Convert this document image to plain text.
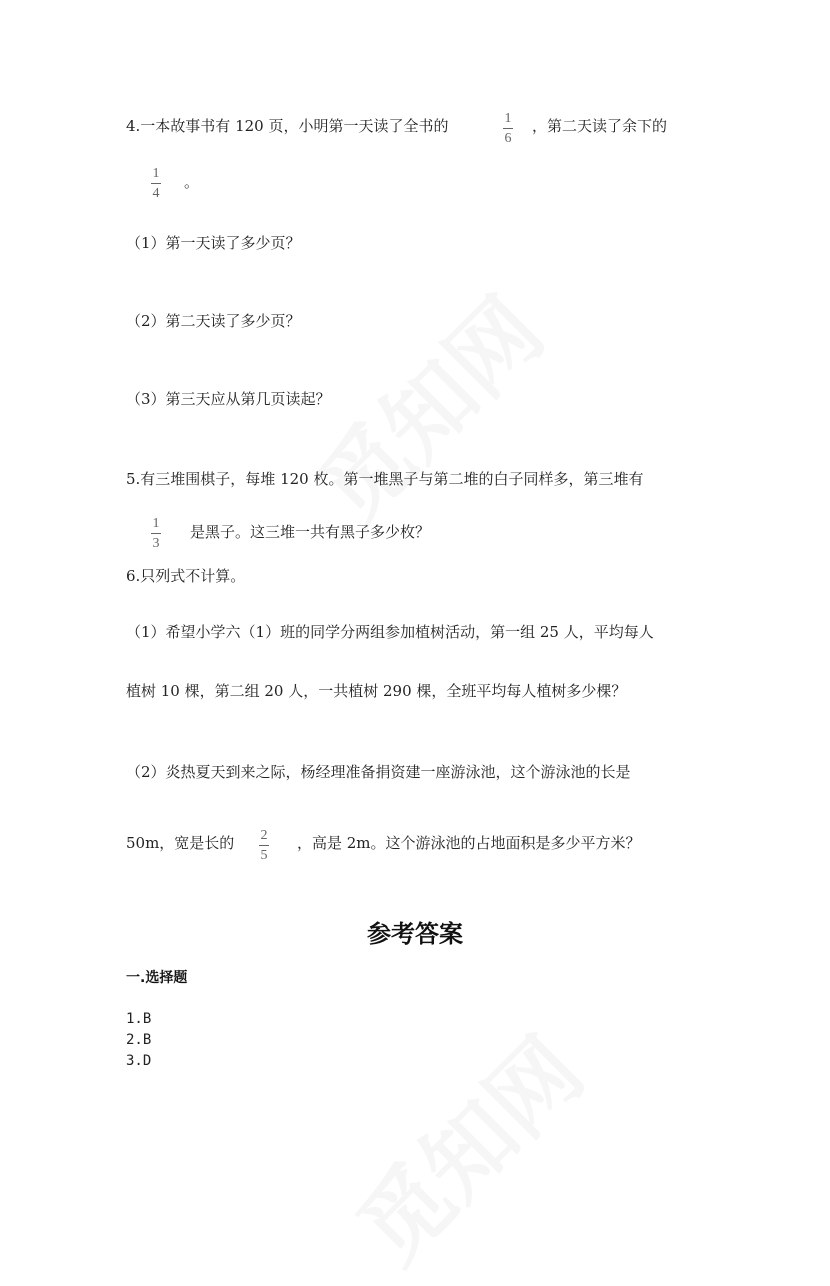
4.一本故事书有 120 页，小明第一天读了全书的	1
6
，第二天读了余下的
1
4
。
（1）第一天读了多少页？
（2）第二天读了多少页？
（3）第三天应从第几页读起？
5.有三堆围棋子，每堆 120 枚。第一堆黑子与第二堆的白子同样多，第三堆有
1
3
是黑子。这三堆一共有黑子多少枚？
6.只列式不计算。
（1）希望小学六（1）班的同学分两组参加植树活动，第一组 25 人，平均每人
植树 10 棵，第二组 20 人，一共植树 290 棵，全班平均每人植树多少棵？
（2）炎热夏天到来之际，杨经理准备捐资建一座游泳池，这个游泳池的长是
50m，宽是长的 2
5
，高是 2m。这个游泳池的占地面积是多少平方米？
参考答案
一.选择题
1.B
2.B
3.D
